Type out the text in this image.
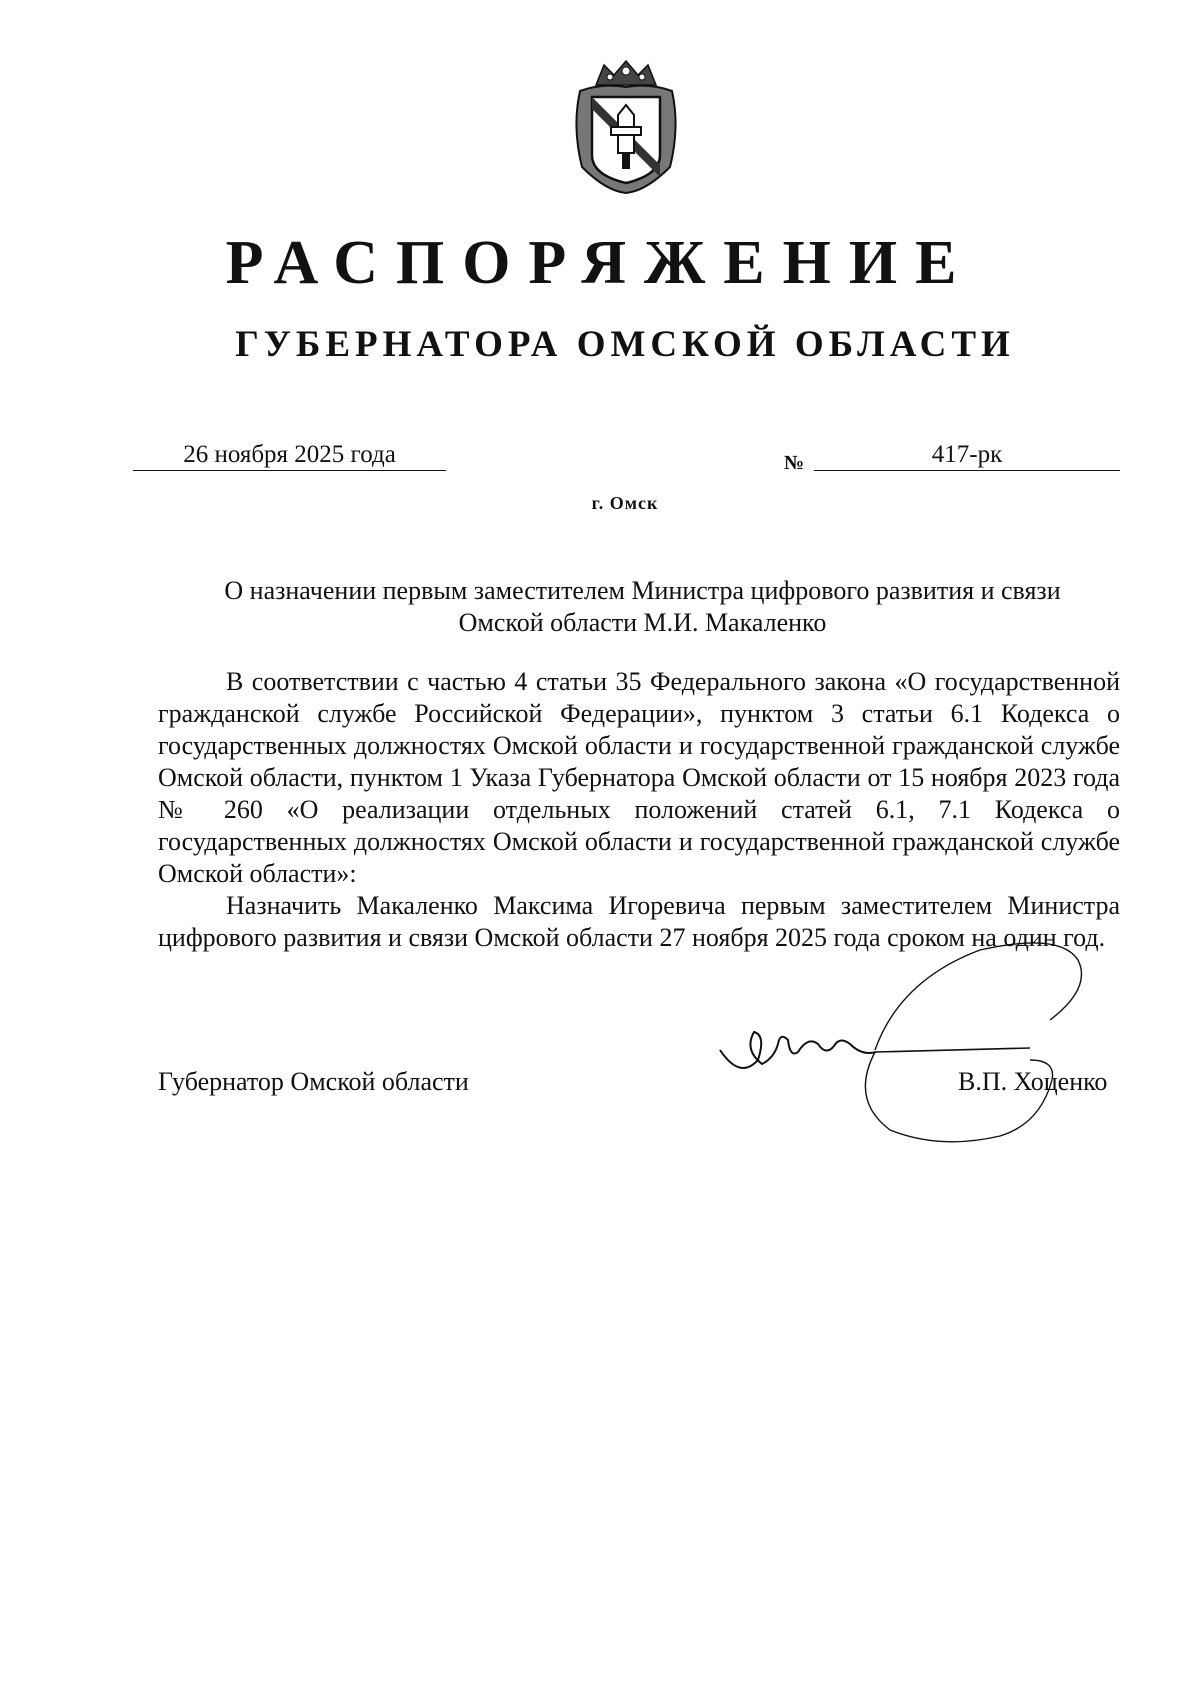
РАСПОРЯЖЕНИЕ
ГУБЕРНАТОРА ОМСКОЙ ОБЛАСТИ
26 ноября 2025 года	№	417-рк
г. Омск
О назначении первым заместителем Министра цифрового развития и связи Омской области М.И. Макаленко

В соответствии с частью 4 статьи 35 Федерального закона «О государственной гражданской службе Российской Федерации», пунктом 3 статьи 6.1 Кодекса о государственных должностях Омской области и государственной гражданской службе Омской области, пунктом 1 Указа Губернатора Омской области от 15 ноября 2023 года № 260 «О реализации отдельных положений статей 6.1, 7.1 Кодекса о государственных должностях Омской области и государственной гражданской службе Омской области»:

Назначить Макаленко Максима Игоревича первым заместителем Министра цифрового развития и связи Омской области 27 ноября 2025 года сроком на один год.

Губернатор Омской области	В.П. Хоценко
